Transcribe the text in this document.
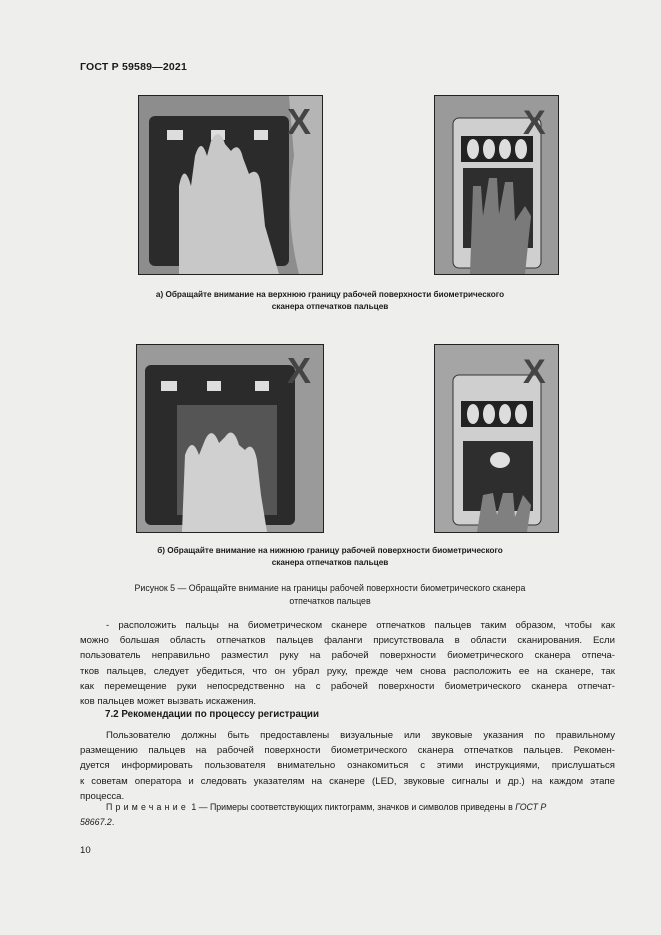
ГОСТ Р 59589—2021
X	X
а) Обращайте внимание на верхнюю границу рабочей поверхности биометрического
сканера отпечатков пальцев
X	X
б) Обращайте внимание на нижнюю границу рабочей поверхности биометрического
сканера отпечатков пальцев
Рисунок 5 — Обращайте внимание на границы рабочей поверхности биометрического сканера
отпечатков пальцев
- расположить пальцы на биометрическом сканере отпечатков пальцев таким образом, чтобы как
можно большая область отпечатков пальцев фаланги присутствовала в области сканирования. Если
пользователь неправильно разместил руку на рабочей поверхности биометрического сканера отпеча-
тков пальцев, следует убедиться, что он убрал руку, прежде чем снова расположить ее на сканере, так
как перемещение руки непосредственно на с рабочей поверхности биометрического сканера отпечат-
ков пальцев может вызвать искажения.
7.2 Рекомендации по процессу регистрации
Пользователю должны быть предоставлены визуальные или звуковые указания по правильному
размещению пальцев на рабочей поверхности биометрического сканера отпечатков пальцев. Рекомен-
дуется информировать пользователя внимательно ознакомиться с этими инструкциями, прислушаться
к советам оператора и следовать указателям на сканере (LED, звуковые сигналы и др.) на каждом этапе
процесса.
Примечание 1 — Примеры соответствующих пиктограмм, значков и символов приведены в ГОСТ Р
58667.2.
10
